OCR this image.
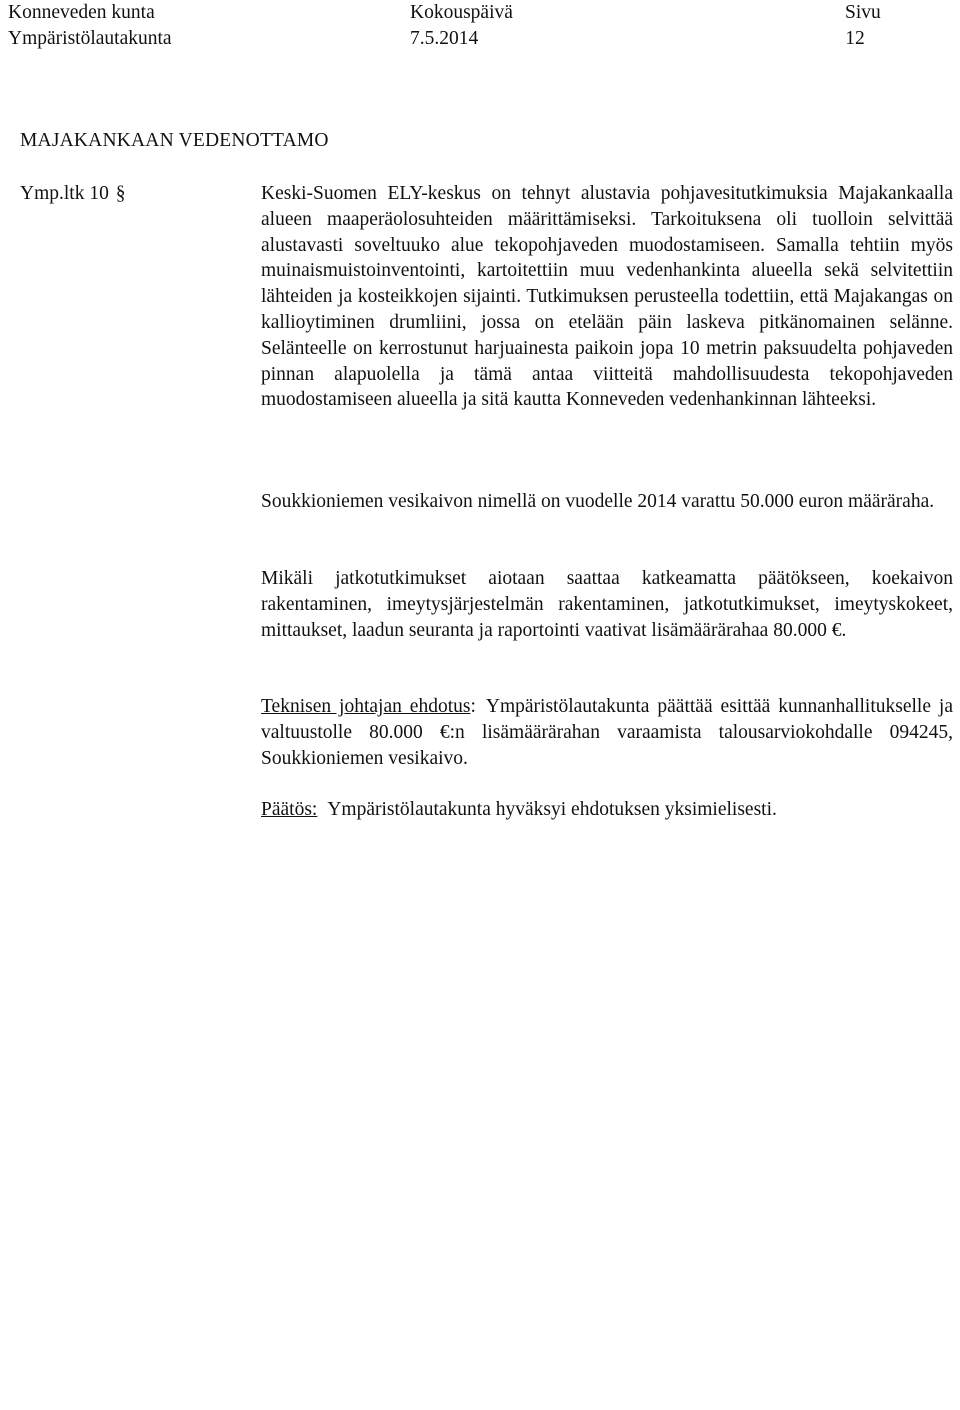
Konneveden kunta
Ympäristölautakunta
Kokouspäivä
7.5.2014
Sivu
12
MAJAKANKAAN VEDENOTTAMO
Ymp.ltk 10 §	Keski-Suomen ELY-keskus on tehnyt alustavia pohjavesitutkimuksia Majakankaalla alueen maaperäolosuhteiden määrittämiseksi. Tarkoituksena oli tuolloin selvittää alustavasti soveltuuko alue tekopohjaveden muodostamiseen. Samalla tehtiin myös muinaismuistoinventointi, kartoitettiin muu vedenhankinta alueella sekä selvitettiin lähteiden ja kosteikkojen sijainti. Tutkimuksen perusteella todettiin, että Majakangas on kallioytiminen drumliini, jossa on etelään päin laskeva pitkänomainen selänne. Selänteelle on kerrostunut harjuainesta paikoin jopa 10 metrin paksuudelta pohjaveden pinnan alapuolella ja tämä antaa viitteitä mahdollisuudesta tekopohjaveden muodostamiseen alueella ja sitä kautta Konneveden vedenhankinnan lähteeksi.

Soukkioniemen vesikaivon nimellä on vuodelle 2014 varattu 50.000 euron määräraha.

Mikäli jatkotutkimukset aiotaan saattaa katkeamatta päätökseen, koekaivon rakentaminen, imeytysjärjestelmän rakentaminen, jatkotutkimukset, imeytyskokeet, mittaukset, laadun seuranta ja raportointi vaativat lisämäärärahaa 80.000 €.

Teknisen johtajan ehdotus: Ympäristölautakunta päättää esittää kunnanhallitukselle ja valtuustolle 80.000 €:n lisämäärärahan varaamista talousarviokohdalle 094245, Soukkioniemen vesikaivo.

Päätös: Ympäristölautakunta hyväksyi ehdotuksen yksimielisesti.
